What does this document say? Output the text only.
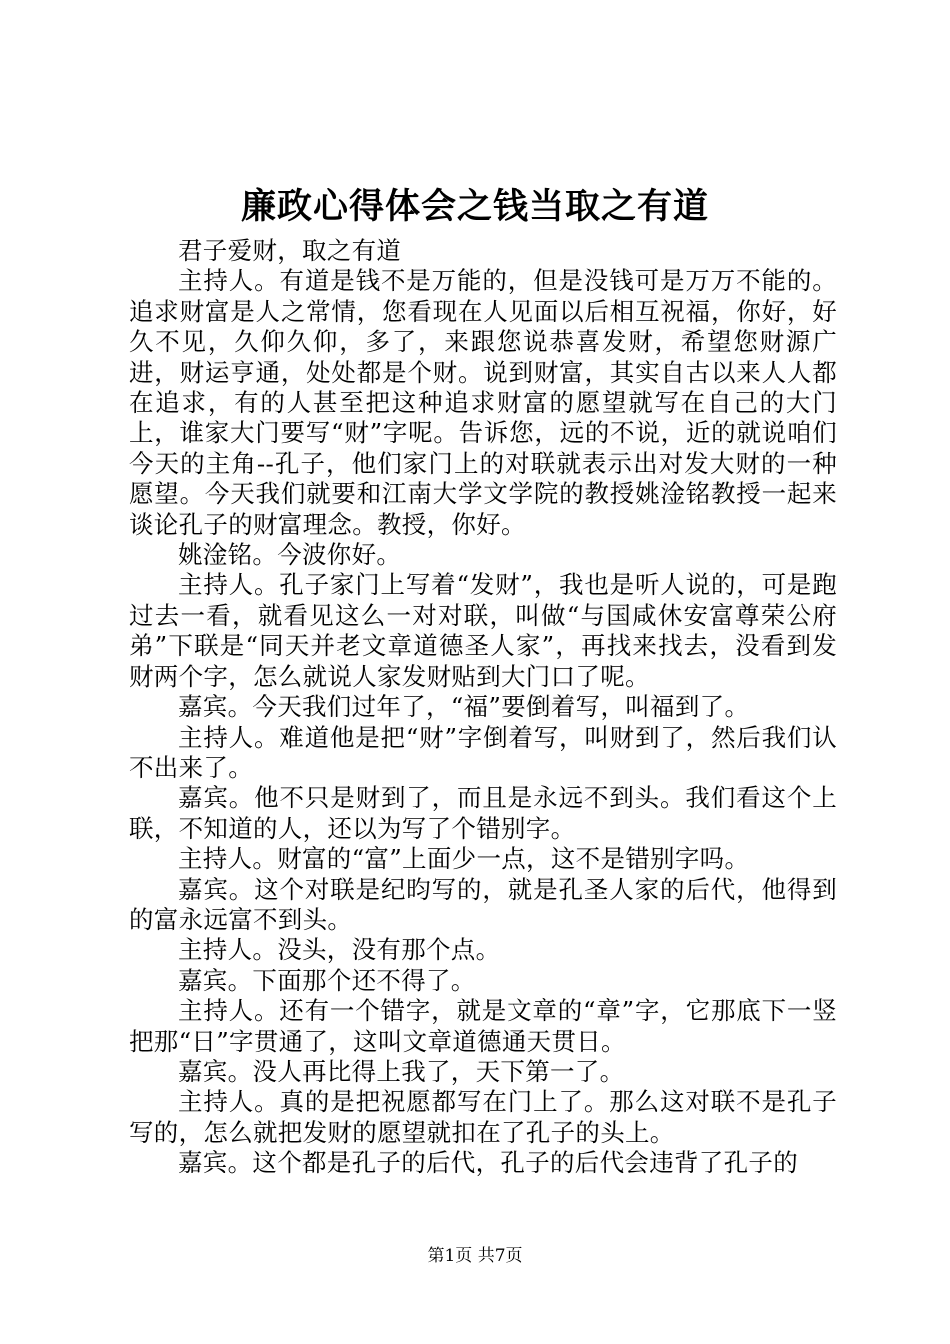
廉政心得体会之钱当取之有道

君子爱财，取之有道

主持人。有道是钱不是万能的，但是没钱可是万万不能的。追求财富是人之常情，您看现在人见面以后相互祝福，你好，好久不见，久仰久仰，多了，来跟您说恭喜发财，希望您财源广进，财运亨通，处处都是个财。说到财富，其实自古以来人人都在追求，有的人甚至把这种追求财富的愿望就写在自己的大门上，谁家大门要写“财”字呢。告诉您，远的不说，近的就说咱们今天的主角--孔子，他们家门上的对联就表示出对发大财的一种愿望。今天我们就要和江南大学文学院的教授姚淦铭教授一起来谈论孔子的财富理念。教授，你好。

姚淦铭。今波你好。

主持人。孔子家门上写着“发财”，我也是听人说的，可是跑过去一看，就看见这么一对对联，叫做“与国咸休安富尊荣公府弟”下联是“同天并老文章道德圣人家”，再找来找去，没看到发财两个字，怎么就说人家发财贴到大门口了呢。

嘉宾。今天我们过年了，“福”要倒着写，叫福到了。

主持人。难道他是把“财”字倒着写，叫财到了，然后我们认不出来了。

嘉宾。他不只是财到了，而且是永远不到头。我们看这个上联，不知道的人，还以为写了个错别字。

主持人。财富的“富”上面少一点，这不是错别字吗。

嘉宾。这个对联是纪昀写的，就是孔圣人家的后代，他得到的富永远富不到头。

主持人。没头，没有那个点。

嘉宾。下面那个还不得了。

主持人。还有一个错字，就是文章的“章”字，它那底下一竖把那“日”字贯通了，这叫文章道德通天贯日。

嘉宾。没人再比得上我了，天下第一了。

主持人。真的是把祝愿都写在门上了。那么这对联不是孔子写的，怎么就把发财的愿望就扣在了孔子的头上。

嘉宾。这个都是孔子的后代，孔子的后代会违背了孔子的

第1页 共7页
